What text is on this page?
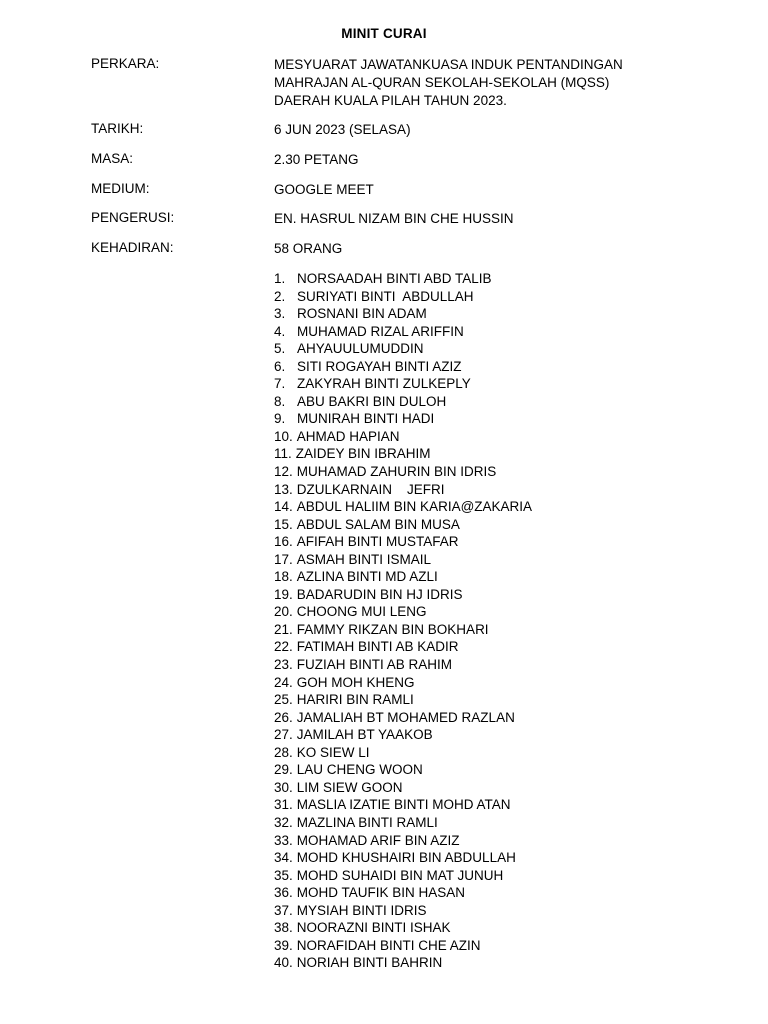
MINIT CURAI
PERKARA:	MESYUARAT JAWATANKUASA INDUK PENTANDINGAN
MAHRAJAN AL-QURAN SEKOLAH-SEKOLAH (MQSS)
DAERAH KUALA PILAH TAHUN 2023.
TARIKH:	6 JUN 2023 (SELASA)
MASA:	2.30 PETANG
MEDIUM:	GOOGLE MEET
PENGERUSI:	EN. HASRUL NIZAM BIN CHE HUSSIN
KEHADIRAN:	58 ORANG
1. NORSAADAH BINTI ABD TALIB
2. SURIYATI BINTI  ABDULLAH
3. ROSNANI BIN ADAM
4. MUHAMAD RIZAL ARIFFIN
5. AHYAUULUMUDDIN
6. SITI ROGAYAH BINTI AZIZ
7. ZAKYRAH BINTI ZULKEPLY
8. ABU BAKRI BIN DULOH
9. MUNIRAH BINTI HADI
10. AHMAD HAPIAN
11. ZAIDEY BIN IBRAHIM
12. MUHAMAD ZAHURIN BIN IDRIS
13. DZULKARNAIN    JEFRI
14. ABDUL HALIIM BIN KARIA@ZAKARIA
15. ABDUL SALAM BIN MUSA
16. AFIFAH BINTI MUSTAFAR
17. ASMAH BINTI ISMAIL
18. AZLINA BINTI MD AZLI
19. BADARUDIN BIN HJ IDRIS
20. CHOONG MUI LENG
21. FAMMY RIKZAN BIN BOKHARI
22. FATIMAH BINTI AB KADIR
23. FUZIAH BINTI AB RAHIM
24. GOH MOH KHENG
25. HARIRI BIN RAMLI
26. JAMALIAH BT MOHAMED RAZLAN
27. JAMILAH BT YAAKOB
28. KO SIEW LI
29. LAU CHENG WOON
30. LIM SIEW GOON
31. MASLIA IZATIE BINTI MOHD ATAN
32. MAZLINA BINTI RAMLI
33. MOHAMAD ARIF BIN AZIZ
34. MOHD KHUSHAIRI BIN ABDULLAH
35. MOHD SUHAIDI BIN MAT JUNUH
36. MOHD TAUFIK BIN HASAN
37. MYSIAH BINTI IDRIS
38. NOORAZNI BINTI ISHAK
39. NORAFIDAH BINTI CHE AZIN
40. NORIAH BINTI BAHRIN
